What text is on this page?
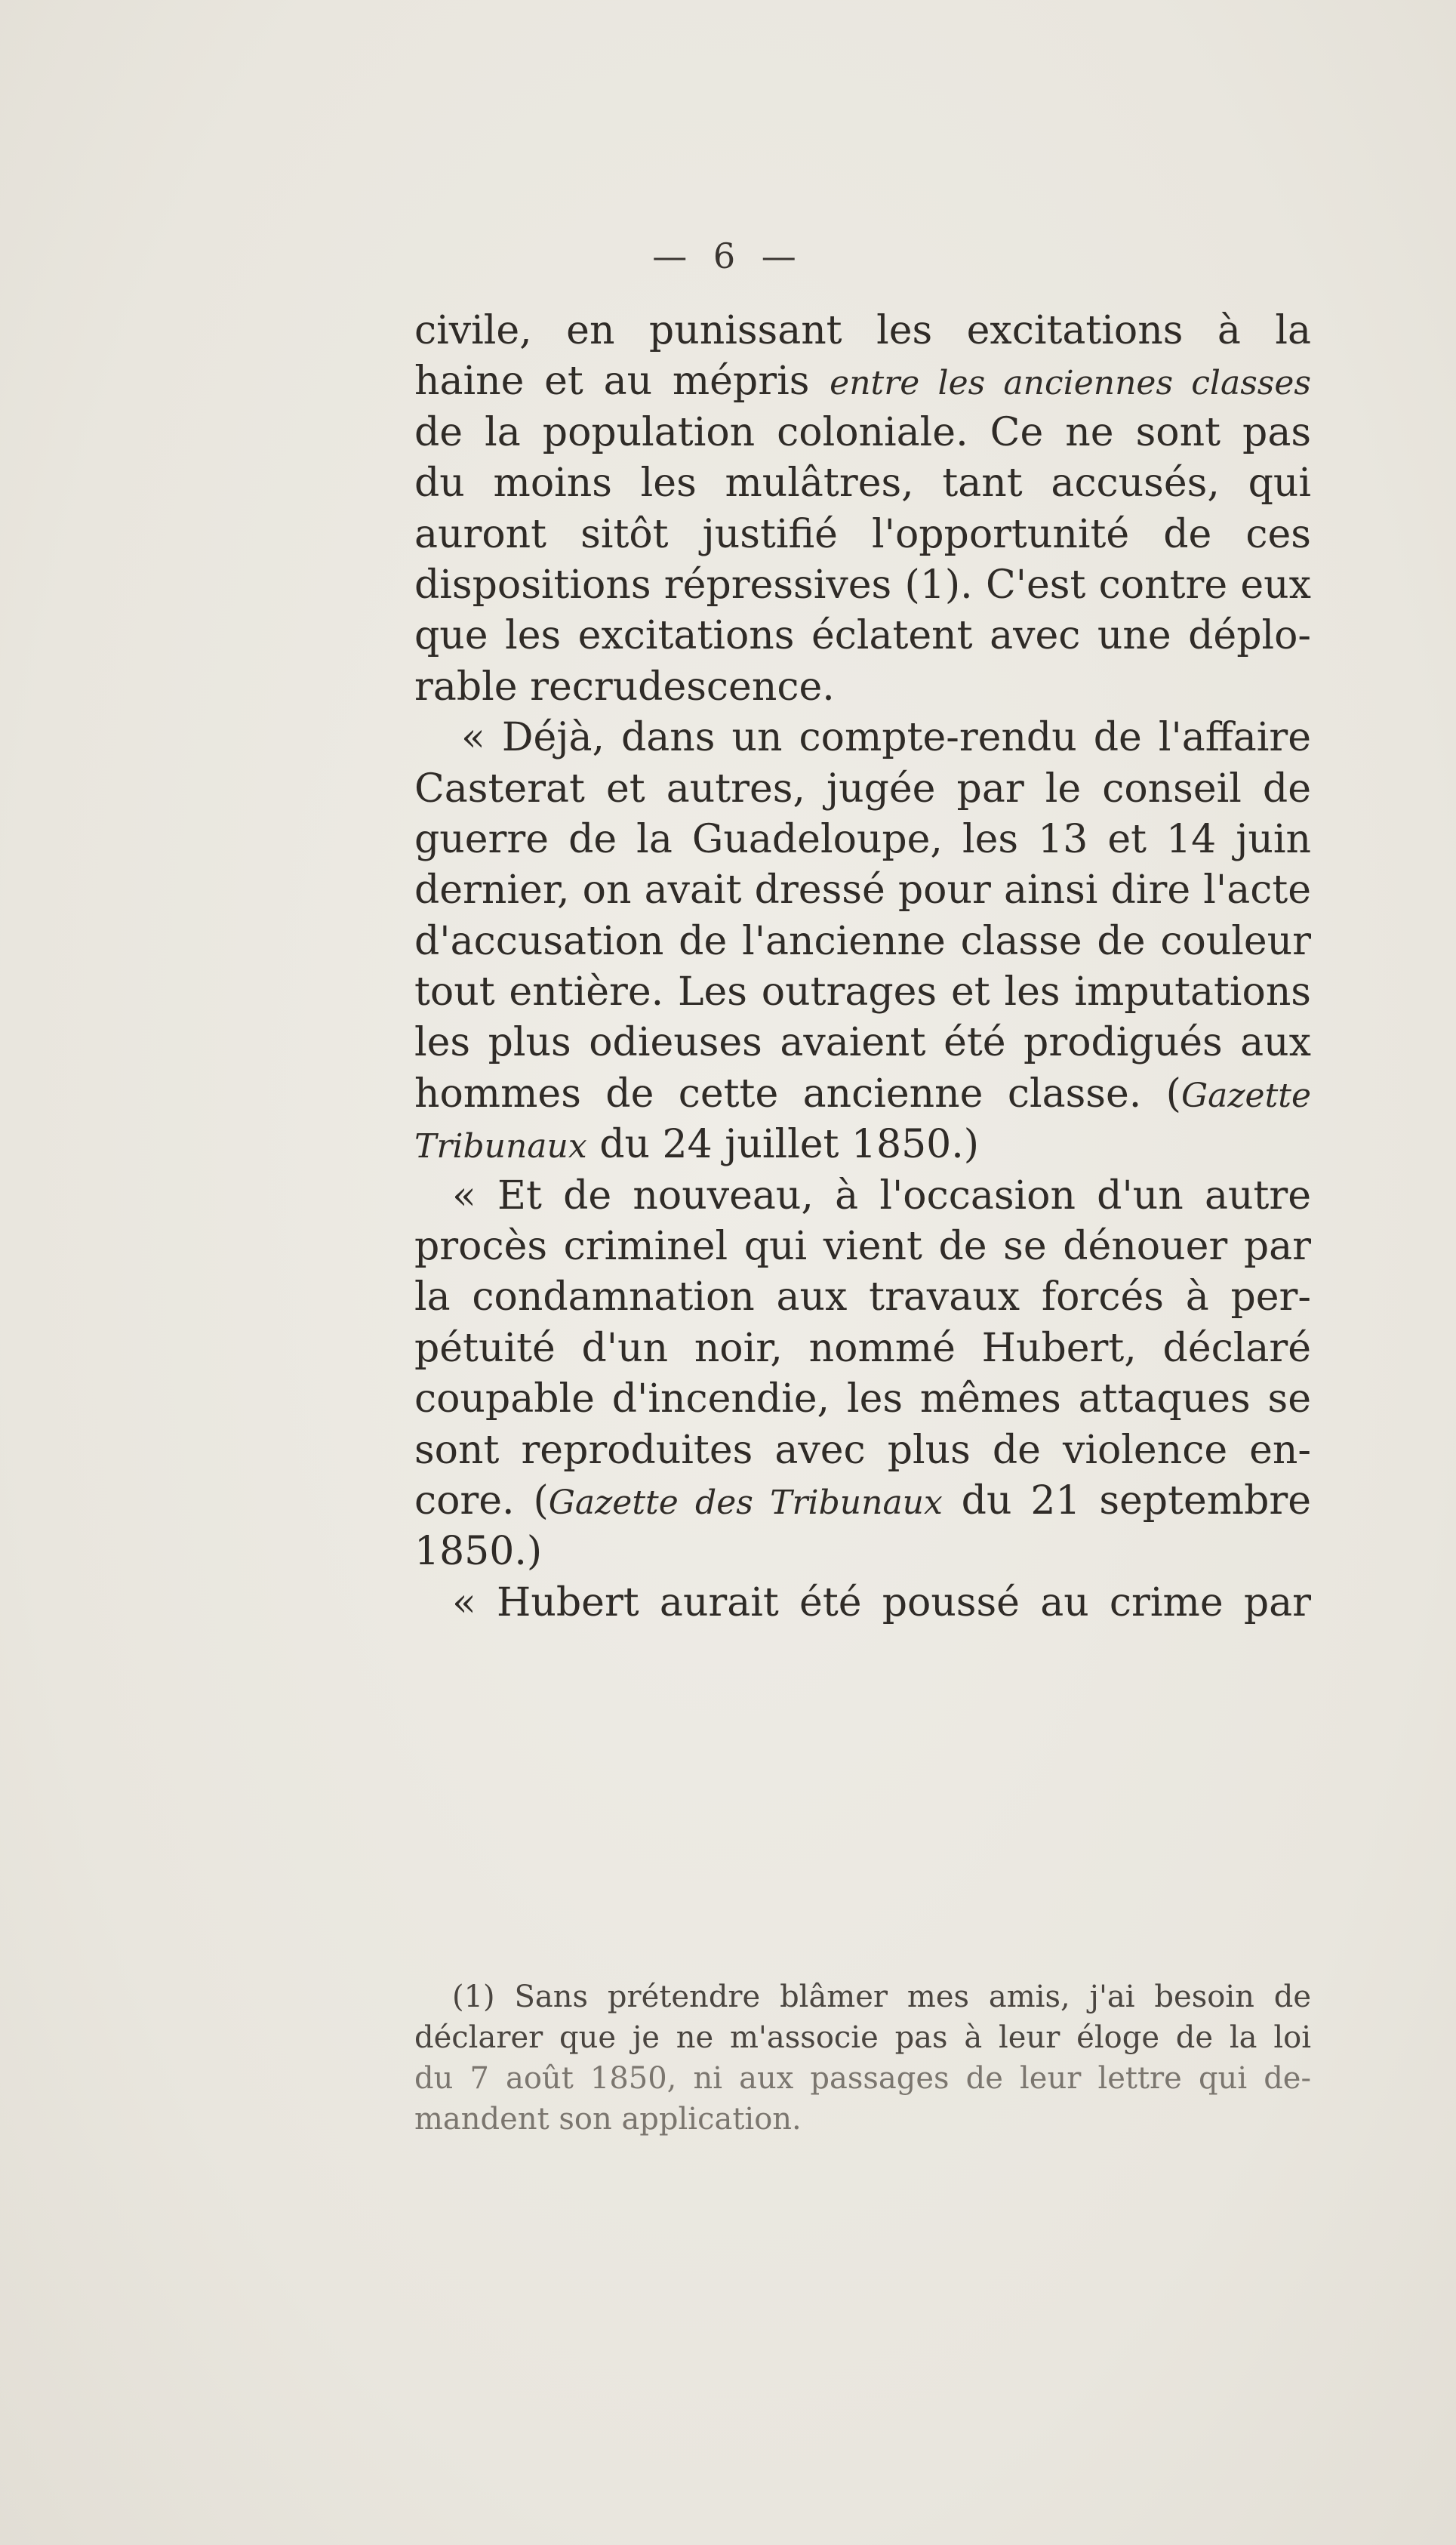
— 6 —
civile, en punissant les excitations à la
haine et au mépris entre les anciennes classes
de la population coloniale. Ce ne sont pas
du moins les mulâtres, tant accusés, qui
auront sitôt justifié l'opportunité de ces
dispositions répressives (1). C'est contre eux
que les excitations éclatent avec une déplo-
rable recrudescence.
« Déjà, dans un compte-rendu de l'affaire
Casterat et autres, jugée par le conseil de
guerre de la Guadeloupe, les 13 et 14 juin
dernier, on avait dressé pour ainsi dire l'acte
d'accusation de l'ancienne classe de couleur
tout entière. Les outrages et les imputations
les plus odieuses avaient été prodigués aux
hommes de cette ancienne classe. (Gazette
Tribunaux du 24 juillet 1850.)
« Et de nouveau, à l'occasion d'un autre
procès criminel qui vient de se dénouer par
la condamnation aux travaux forcés à per-
pétuité d'un noir, nommé Hubert, déclaré
coupable d'incendie, les mêmes attaques se
sont reproduites avec plus de violence en-
core. (Gazette des Tribunaux du 21 septembre
1850.)
« Hubert aurait été poussé au crime par
(1) Sans prétendre blâmer mes amis, j'ai besoin de
déclarer que je ne m'associe pas à leur éloge de la loi
du 7 août 1850, ni aux passages de leur lettre qui de-
mandent son application.
